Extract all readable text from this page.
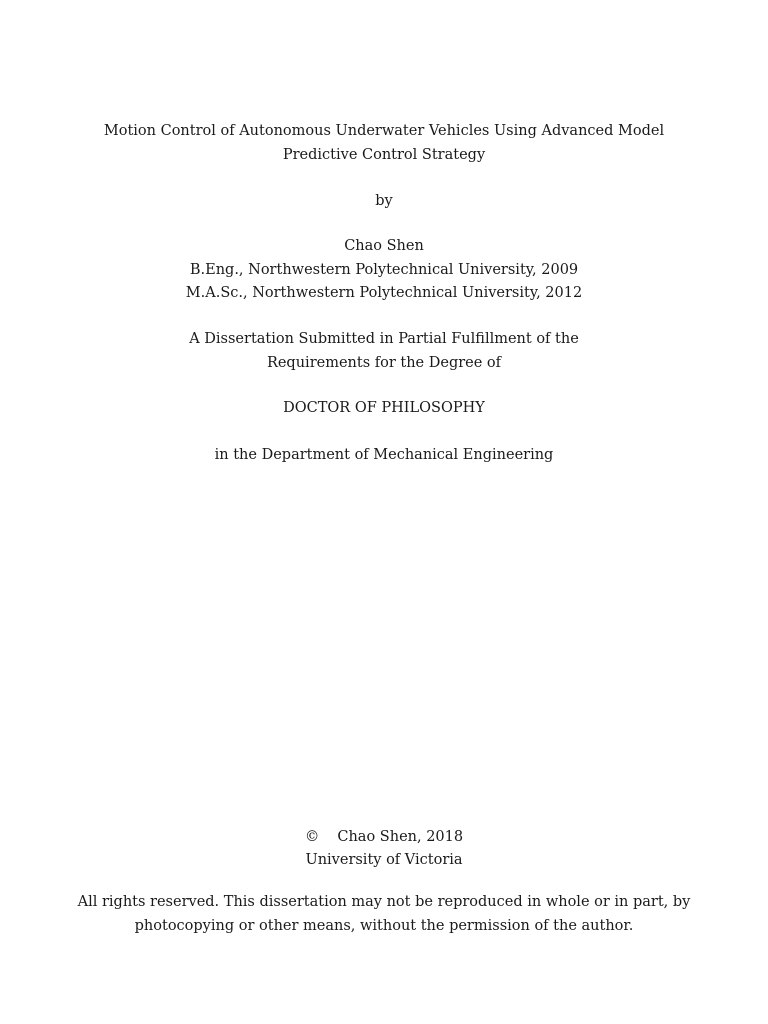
Motion Control of Autonomous Underwater Vehicles Using Advanced Model
Predictive Control Strategy
by
Chao Shen
B.Eng., Northwestern Polytechnical University, 2009
M.A.Sc., Northwestern Polytechnical University, 2012
A Dissertation Submitted in Partial Fulfillment of the
Requirements for the Degree of
DOCTOR OF PHILOSOPHY
in the Department of Mechanical Engineering
© Chao Shen, 2018
University of Victoria
All rights reserved. This dissertation may not be reproduced in whole or in part, by
photocopying or other means, without the permission of the author.
